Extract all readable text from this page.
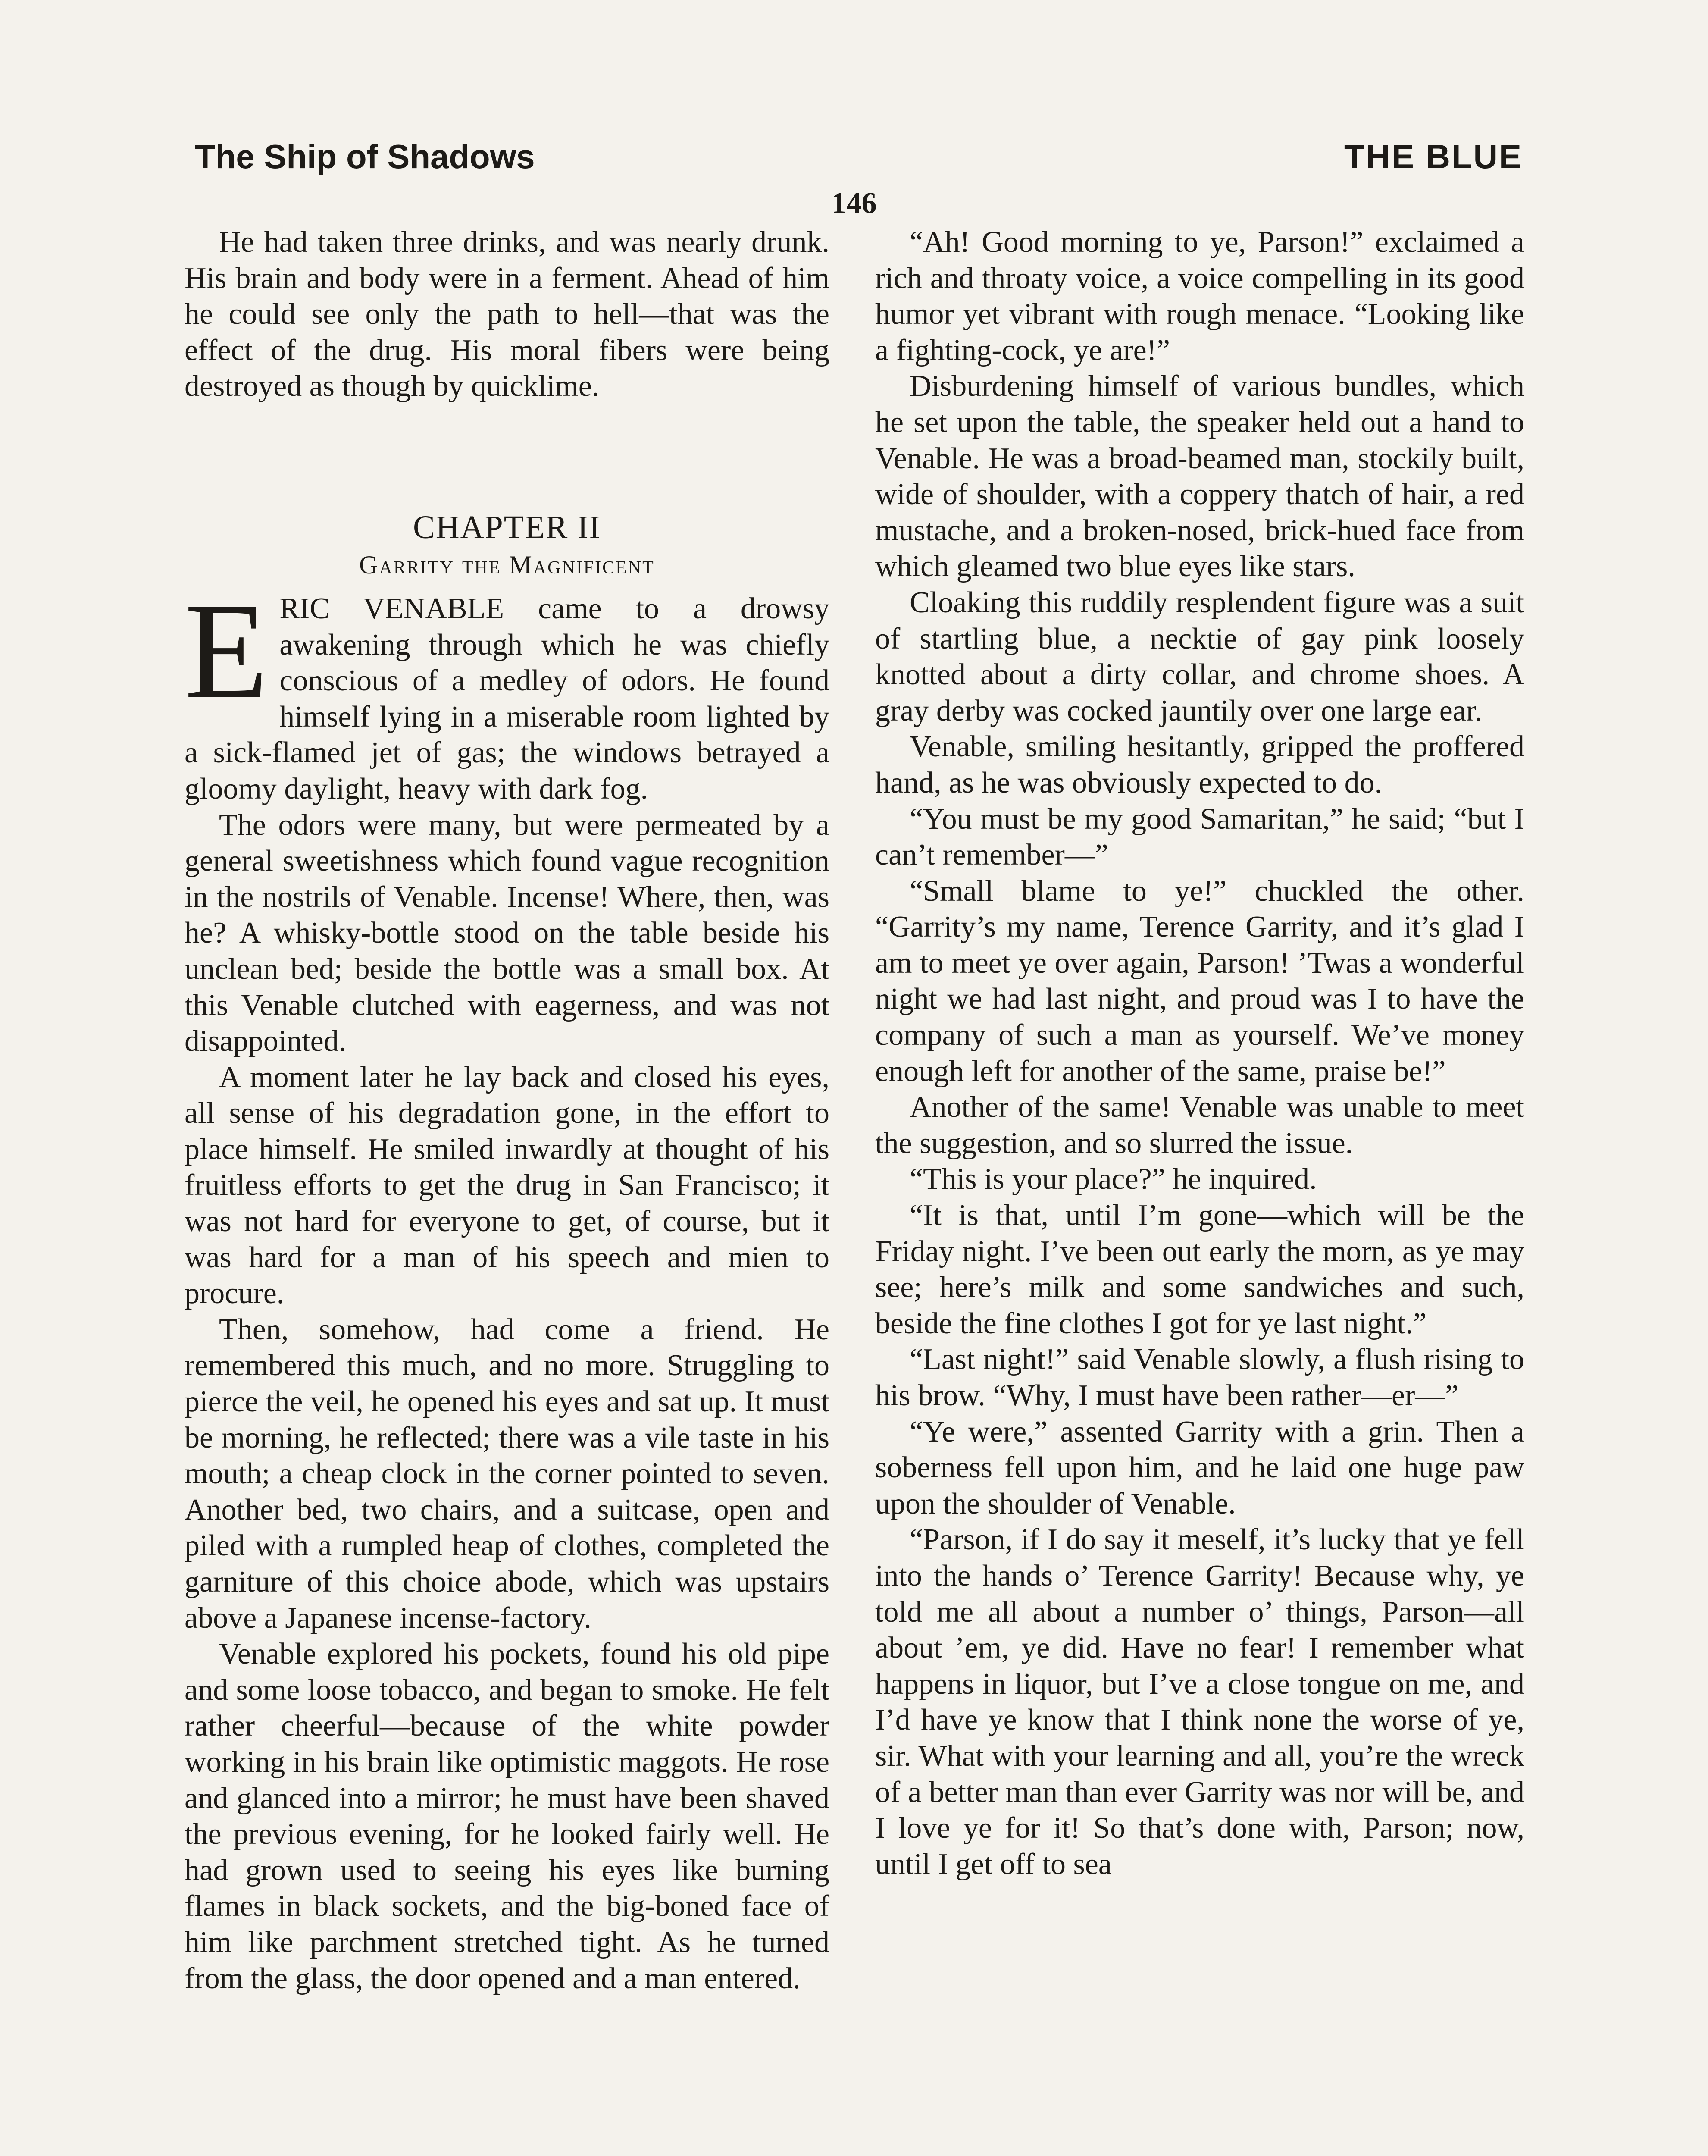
The Ship of Shadows	THE BLUE
146

He had taken three drinks, and was nearly drunk. His brain and body were in a ferment. Ahead of him he could see only the path to hell—that was the effect of the drug. His moral fibers were being destroyed as though by quicklime.

CHAPTER II
Garrity the Magnificent

ERIC VENABLE came to a drowsy awakening through which he was chiefly conscious of a medley of odors. He found himself lying in a miserable room lighted by a sick-flamed jet of gas; the windows betrayed a gloomy daylight, heavy with dark fog.

The odors were many, but were permeated by a general sweetishness which found vague recognition in the nostrils of Venable. Incense! Where, then, was he? A whisky-bottle stood on the table beside his unclean bed; beside the bottle was a small box. At this Venable clutched with eagerness, and was not disappointed.

A moment later he lay back and closed his eyes, all sense of his degradation gone, in the effort to place himself. He smiled inwardly at thought of his fruitless efforts to get the drug in San Francisco; it was not hard for everyone to get, of course, but it was hard for a man of his speech and mien to procure.

Then, somehow, had come a friend. He remembered this much, and no more. Struggling to pierce the veil, he opened his eyes and sat up. It must be morning, he reflected; there was a vile taste in his mouth; a cheap clock in the corner pointed to seven. Another bed, two chairs, and a suitcase, open and piled with a rumpled heap of clothes, completed the garniture of this choice abode, which was upstairs above a Japanese incense-factory.

Venable explored his pockets, found his old pipe and some loose tobacco, and began to smoke. He felt rather cheerful—because of the white powder working in his brain like optimistic maggots. He rose and glanced into a mirror; he must have been shaved the previous evening, for he looked fairly well. He had grown used to seeing his eyes like burning flames in black sockets, and the big-boned face of him like parchment stretched tight. As he turned from the glass, the door opened and a man entered.

“Ah! Good morning to ye, Parson!” exclaimed a rich and throaty voice, a voice compelling in its good humor yet vibrant with rough menace. “Looking like a fighting-cock, ye are!”

Disburdening himself of various bundles, which he set upon the table, the speaker held out a hand to Venable. He was a broad-beamed man, stockily built, wide of shoulder, with a coppery thatch of hair, a red mustache, and a broken-nosed, brick-hued face from which gleamed two blue eyes like stars.

Cloaking this ruddily resplendent figure was a suit of startling blue, a necktie of gay pink loosely knotted about a dirty collar, and chrome shoes. A gray derby was cocked jauntily over one large ear.

Venable, smiling hesitantly, gripped the proffered hand, as he was obviously expected to do.

“You must be my good Samaritan,” he said; “but I can’t remember—”

“Small blame to ye!” chuckled the other. “Garrity’s my name, Terence Garrity, and it’s glad I am to meet ye over again, Parson! ’Twas a wonderful night we had last night, and proud was I to have the company of such a man as yourself. We’ve money enough left for another of the same, praise be!”

Another of the same! Venable was unable to meet the suggestion, and so slurred the issue.

“This is your place?” he inquired.

“It is that, until I’m gone—which will be the Friday night. I’ve been out early the morn, as ye may see; here’s milk and some sandwiches and such, beside the fine clothes I got for ye last night.”

“Last night!” said Venable slowly, a flush rising to his brow. “Why, I must have been rather—er—”

“Ye were,” assented Garrity with a grin. Then a soberness fell upon him, and he laid one huge paw upon the shoulder of Venable.

“Parson, if I do say it meself, it’s lucky that ye fell into the hands o’ Terence Garrity! Because why, ye told me all about a number o’ things, Parson—all about ’em, ye did. Have no fear! I remember what happens in liquor, but I’ve a close tongue on me, and I’d have ye know that I think none the worse of ye, sir. What with your learning and all, you’re the wreck of a better man than ever Garrity was nor will be, and I love ye for it! So that’s done with, Parson; now, until I get off to sea
